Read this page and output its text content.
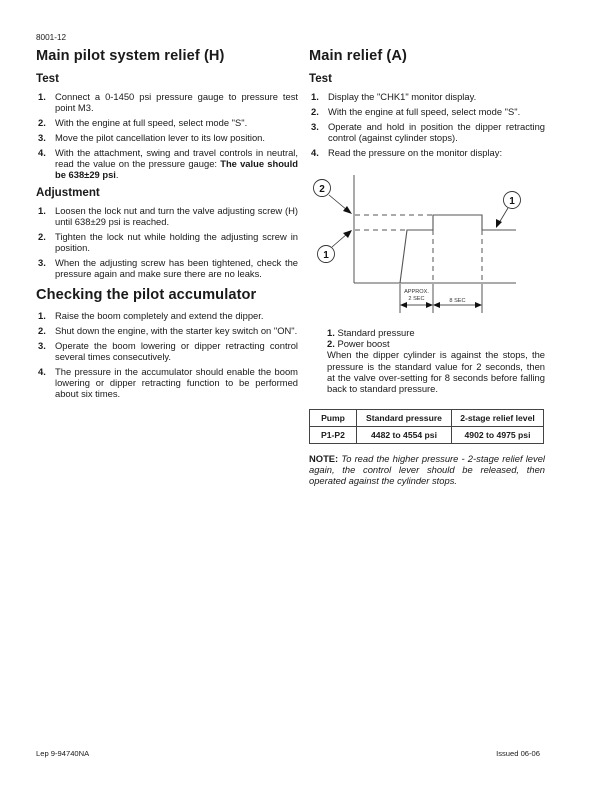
8001-12
Main pilot system relief (H)
Test
1. Connect a 0-1450 psi pressure gauge to pressure test point M3.
2. With the engine at full speed, select mode "S".
3. Move the pilot cancellation lever to its low position.
4. With the attachment, swing and travel controls in neutral, read the value on the pressure gauge: The value should be 638±29 psi.
Adjustment
1. Loosen the lock nut and turn the valve adjusting screw (H) until 638±29 psi is reached.
2. Tighten the lock nut while holding the adjusting screw in position.
3. When the adjusting screw has been tightened, check the pressure again and make sure there are no leaks.
Checking the pilot accumulator
1. Raise the boom completely and extend the dipper.
2. Shut down the engine, with the starter key switch on "ON".
3. Operate the boom lowering or dipper retracting control several times consecutively.
4. The pressure in the accumulator should enable the boom lowering or dipper retracting function to be performed about six times.
Main relief (A)
Test
1. Display the "CHK1" monitor display.
2. With the engine at full speed, select mode "S".
3. Operate and hold in position the dipper retracting control (against cylinder stops).
4. Read the pressure on the monitor display:
APPROX.
2 SEC	8 SEC
2
1
1
1. Standard pressure
2. Power boost
When the dipper cylinder is against the stops, the pressure is the standard value for 2 seconds, then at the valve over-setting for 8 seconds before falling back to standard pressure.
Pump	Standard pressure	2-stage relief level
P1-P2	4482 to 4554 psi	4902 to 4975 psi
NOTE: To read the higher pressure - 2-stage relief level again, the control lever should be released, then operated against the cylinder stops.
Lep 9-94740NA	Issued 06-06
